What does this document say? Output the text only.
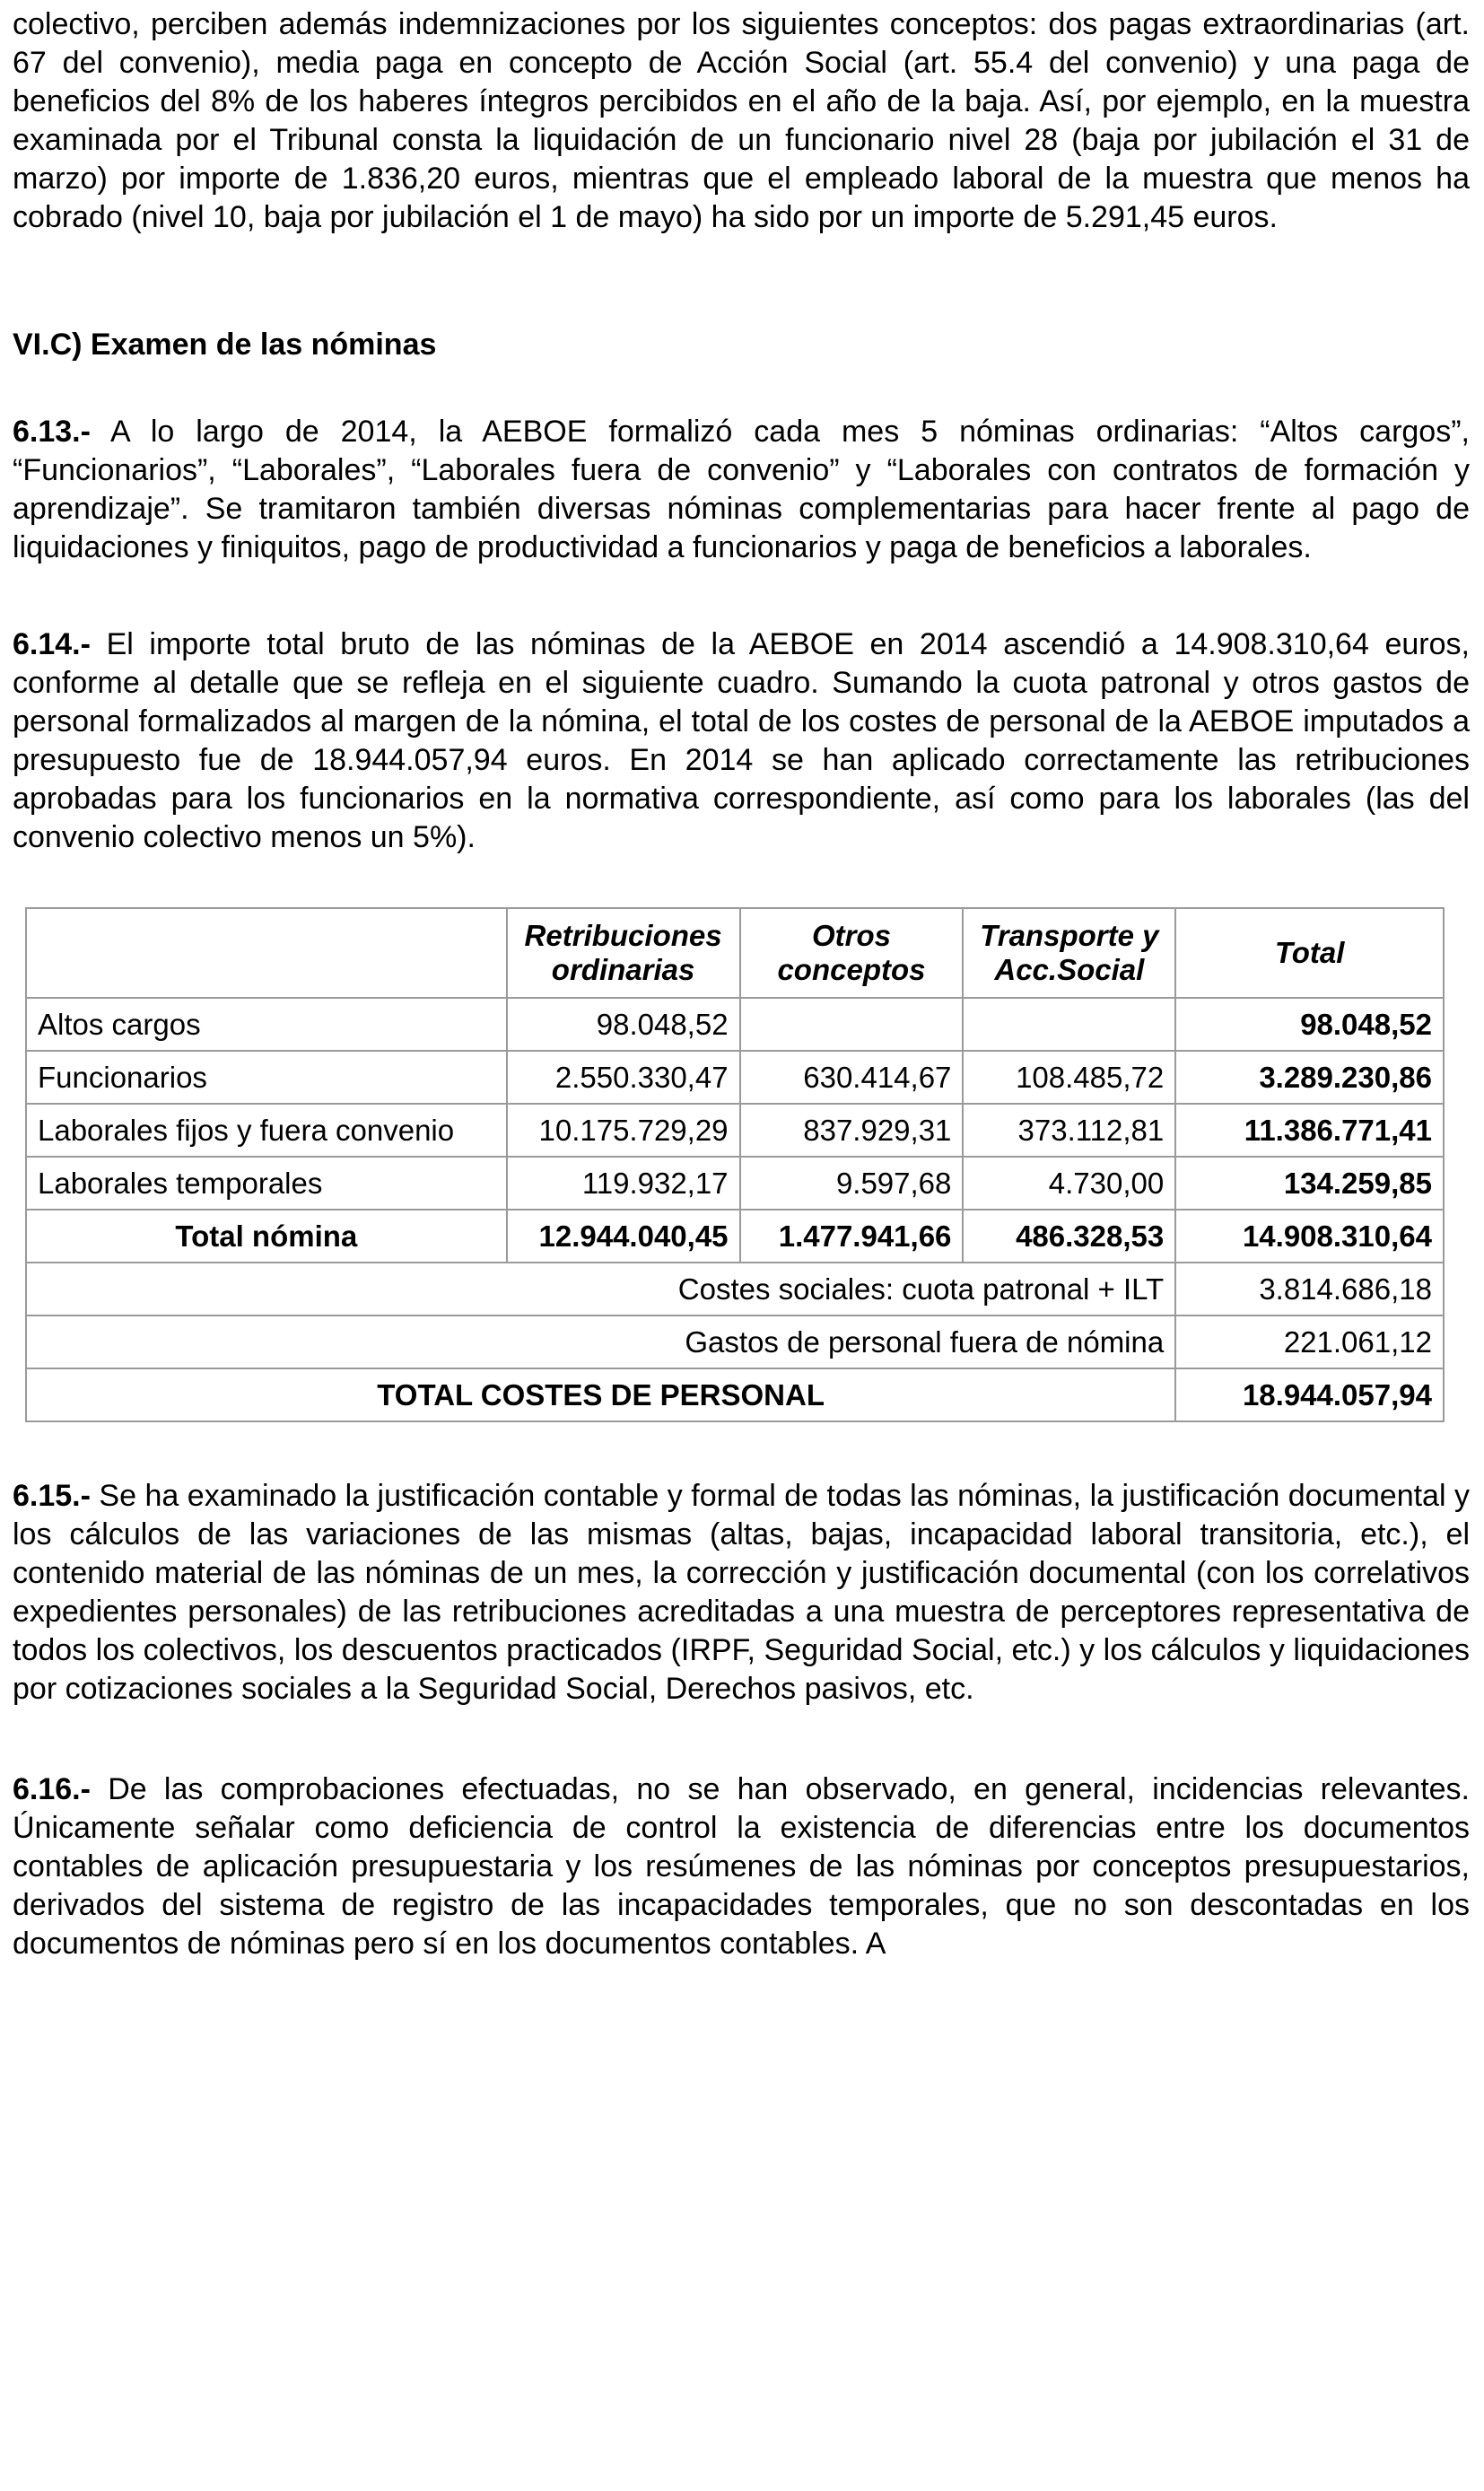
colectivo, perciben además indemnizaciones por los siguientes conceptos: dos pagas extraordinarias (art. 67 del convenio), media paga en concepto de Acción Social (art. 55.4 del convenio) y una paga de beneficios del 8% de los haberes íntegros percibidos en el año de la baja. Así, por ejemplo, en la muestra examinada por el Tribunal consta la liquidación de un funcionario nivel 28 (baja por jubilación el 31 de marzo) por importe de 1.836,20 euros, mientras que el empleado laboral de la muestra que menos ha cobrado (nivel 10, baja por jubilación el 1 de mayo) ha sido por un importe de 5.291,45 euros.

VI.C) Examen de las nóminas

6.13.- A lo largo de 2014, la AEBOE formalizó cada mes 5 nóminas ordinarias: “Altos cargos”, “Funcionarios”, “Laborales”, “Laborales fuera de convenio” y “Laborales con contratos de formación y aprendizaje”. Se tramitaron también diversas nóminas complementarias para hacer frente al pago de liquidaciones y finiquitos, pago de productividad a funcionarios y paga de beneficios a laborales.

6.14.- El importe total bruto de las nóminas de la AEBOE en 2014 ascendió a 14.908.310,64 euros, conforme al detalle que se refleja en el siguiente cuadro. Sumando la cuota patronal y otros gastos de personal formalizados al margen de la nómina, el total de los costes de personal de la AEBOE imputados a presupuesto fue de 18.944.057,94 euros. En 2014 se han aplicado correctamente las retribuciones aprobadas para los funcionarios en la normativa correspondiente, así como para los laborales (las del convenio colectivo menos un 5%).

	Retribuciones ordinarias	Otros conceptos	Transporte y Acc.Social	Total
Altos cargos	98.048,52			98.048,52
Funcionarios	2.550.330,47	630.414,67	108.485,72	3.289.230,86
Laborales fijos y fuera convenio	10.175.729,29	837.929,31	373.112,81	11.386.771,41
Laborales temporales	119.932,17	9.597,68	4.730,00	134.259,85
Total nómina	12.944.040,45	1.477.941,66	486.328,53	14.908.310,64
Costes sociales: cuota patronal + ILT				3.814.686,18
Gastos de personal fuera de nómina				221.061,12
TOTAL COSTES DE PERSONAL				18.944.057,94

6.15.- Se ha examinado la justificación contable y formal de todas las nóminas, la justificación documental y los cálculos de las variaciones de las mismas (altas, bajas, incapacidad laboral transitoria, etc.), el contenido material de las nóminas de un mes, la corrección y justificación documental (con los correlativos expedientes personales) de las retribuciones acreditadas a una muestra de perceptores representativa de todos los colectivos, los descuentos practicados (IRPF, Seguridad Social, etc.) y los cálculos y liquidaciones por cotizaciones sociales a la Seguridad Social, Derechos pasivos, etc.

6.16.- De las comprobaciones efectuadas, no se han observado, en general, incidencias relevantes. Únicamente señalar como deficiencia de control la existencia de diferencias entre los documentos contables de aplicación presupuestaria y los resúmenes de las nóminas por conceptos presupuestarios, derivados del sistema de registro de las incapacidades temporales, que no son descontadas en los documentos de nóminas pero sí en los documentos contables. A
